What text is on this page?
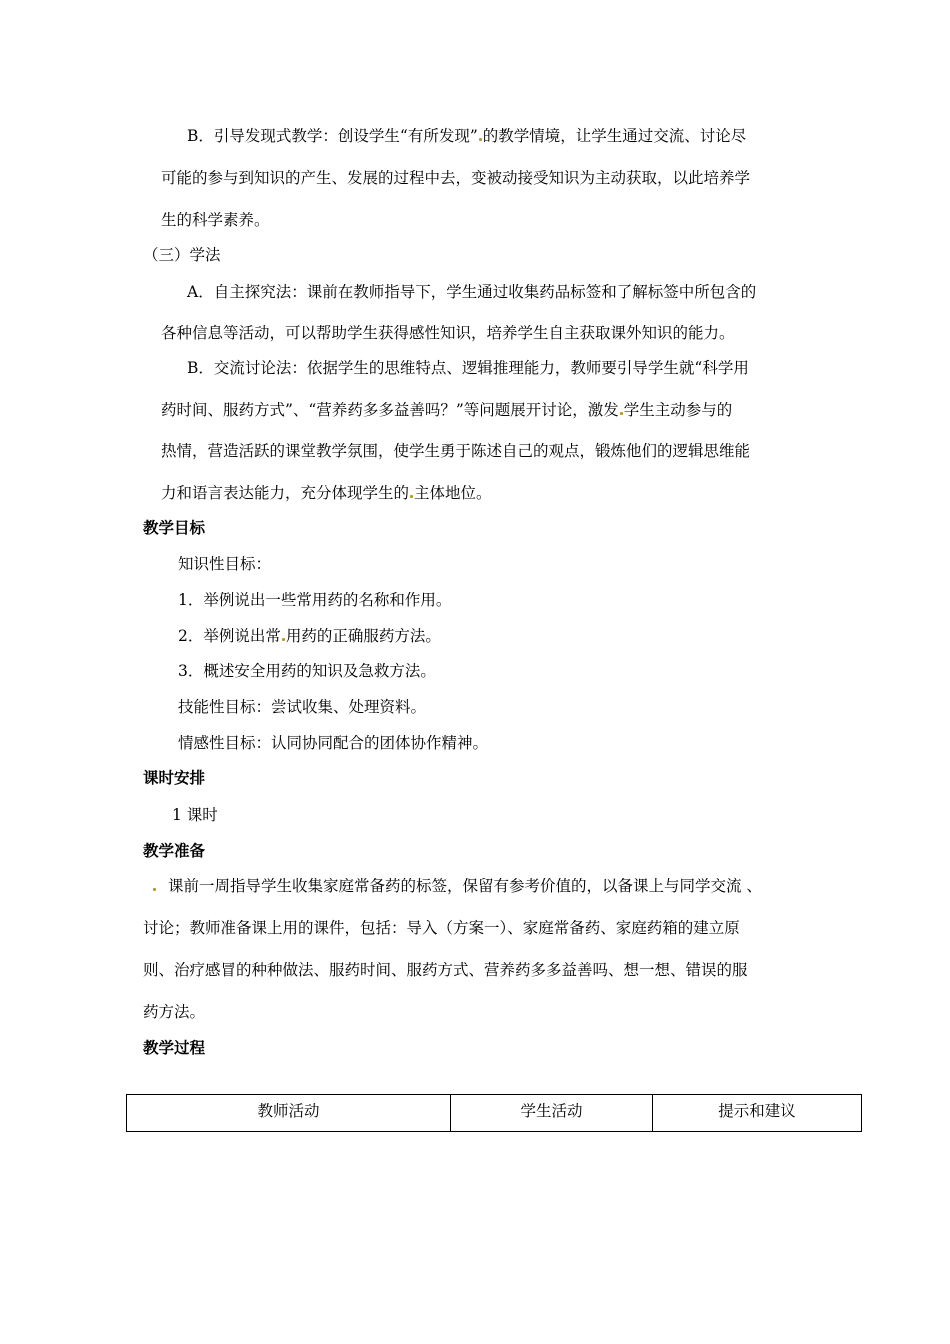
B．引导发现式教学：创设学生“有所发现” 的教学情境，让学生通过交流、讨论尽
可能的参与到知识的产生、发展的过程中去，变被动接受知识为主动获取，以此培养学
生的科学素养。
（三）学法
A．自主探究法：课前在教师指导下，学生通过收集药品标签和了解标签中所包含的
各种信息等活动，可以帮助学生获得感性知识，培养学生自主获取课外知识的能力。
B．交流讨论法：依据学生的思维特点、逻辑推理能力，教师要引导学生就“科学用
药时间、服药方式”、“营养药多多益善吗？”等问题展开讨论，激发 学生主动参与的
热情，营造活跃的课堂教学氛围，使学生勇于陈述自己的观点，锻炼他们的逻辑思维能
力和语言表达能力，充分体现学生的 主体地位。
教学目标
知识性目标：
1．举例说出一些常用药的名称和作用。
2．举例说出常 用药的正确服药方法。
3．概述安全用药的知识及急救方法。
技能性目标：尝试收集、处理资料。
情感性目标：认同协同配合的团体协作精神。
课时安排
1 课时
教学准备
课前一周指导学生收集家庭常备药的标签，保留有参考价值的，以备课上与同学交流 、
讨论；教师准备课上用的课件，包括：导入（方案一）、家庭常备药、家庭药箱的建立原
则、治疗感冒的种种做法、服药时间、服药方式、营养药多多益善吗、想一想、错误的服
药方法。
教学过程
教师活动	学生活动	提示和建议
